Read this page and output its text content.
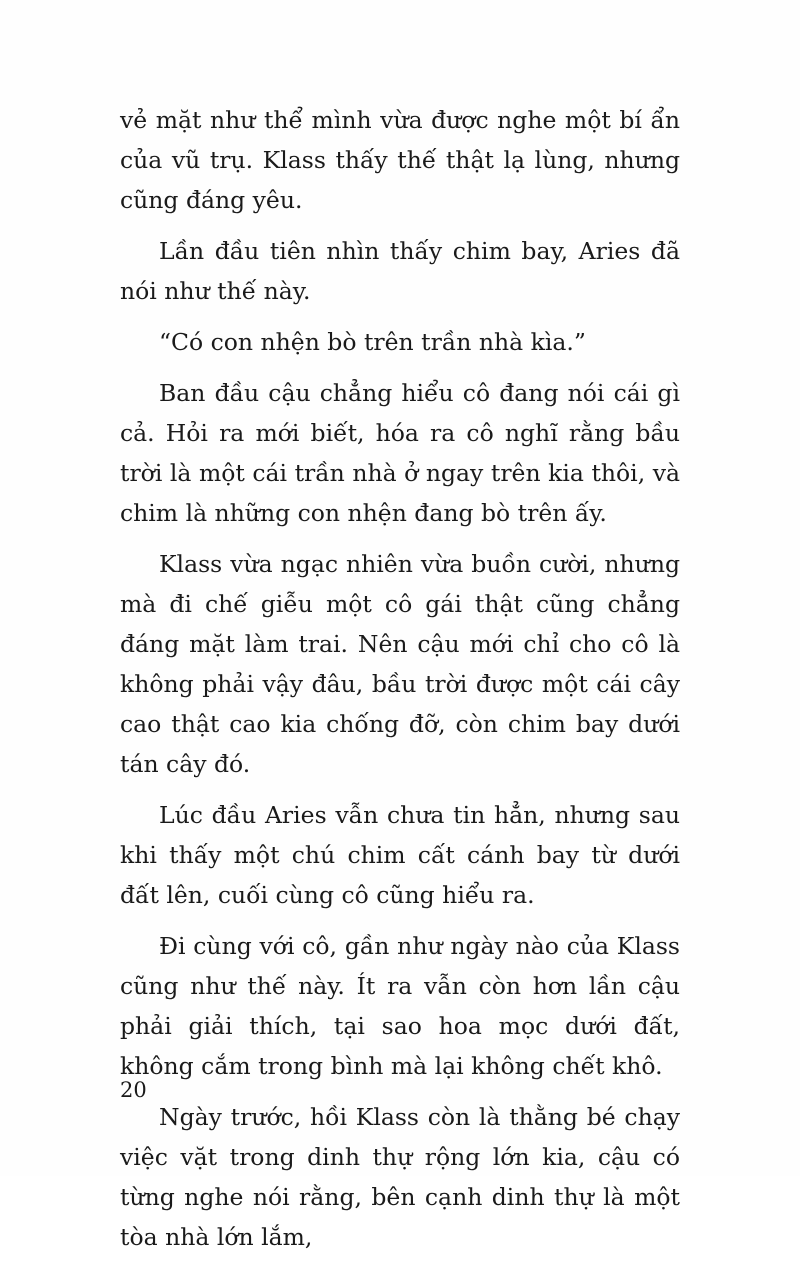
vẻ mặt như thể mình vừa được nghe một bí ẩn của vũ trụ. Klass thấy thế thật lạ lùng, nhưng cũng đáng yêu.

Lần đầu tiên nhìn thấy chim bay, Aries đã nói như thế này.

“Có con nhện bò trên trần nhà kìa.”

Ban đầu cậu chẳng hiểu cô đang nói cái gì cả. Hỏi ra mới biết, hóa ra cô nghĩ rằng bầu trời là một cái trần nhà ở ngay trên kia thôi, và chim là những con nhện đang bò trên ấy.

Klass vừa ngạc nhiên vừa buồn cười, nhưng mà đi chế giễu một cô gái thật cũng chẳng đáng mặt làm trai. Nên cậu mới chỉ cho cô là không phải vậy đâu, bầu trời được một cái cây cao thật cao kia chống đỡ, còn chim bay dưới tán cây đó.

Lúc đầu Aries vẫn chưa tin hẳn, nhưng sau khi thấy một chú chim cất cánh bay từ dưới đất lên, cuối cùng cô cũng hiểu ra.

Đi cùng với cô, gần như ngày nào của Klass cũng như thế này. Ít ra vẫn còn hơn lần cậu phải giải thích, tại sao hoa mọc dưới đất, không cắm trong bình mà lại không chết khô.

Ngày trước, hồi Klass còn là thằng bé chạy việc vặt trong dinh thự rộng lớn kia, cậu có từng nghe nói rằng, bên cạnh dinh thự là một tòa nhà lớn lắm,

20
